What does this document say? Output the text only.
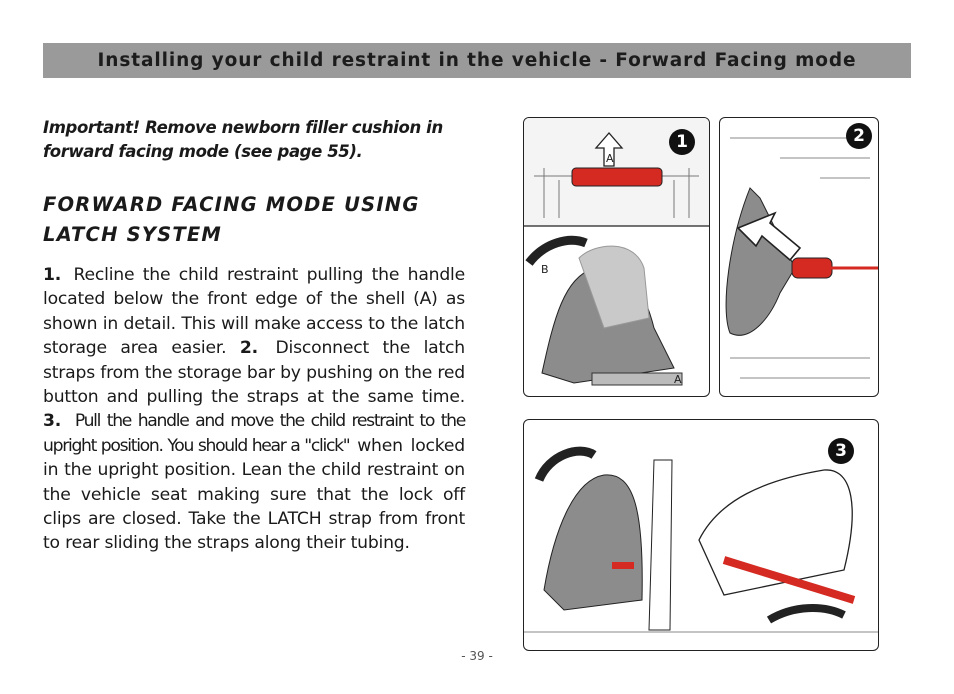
Installing your child restraint in the vehicle - Forward Facing mode
Important! Remove newborn filler cushion in forward facing mode (see page 55).
FORWARD FACING MODE USING
LATCH SYSTEM
1. Recline the child restraint pulling the handle located below the front edge of the shell (A) as shown in detail. This will make access to the latch storage area easier. 2. Disconnect the latch straps from the storage bar by pushing on the red button and pulling the straps at the same time. 3. Pull the handle and move the child restraint to the upright position. You should hear a "click" when locked in the upright position. Lean the child restraint on the vehicle seat making sure that the lock off clips are closed. Take the LATCH strap from front to rear sliding the straps along their tubing.
A
B
A
1	2
3
- 39 -
